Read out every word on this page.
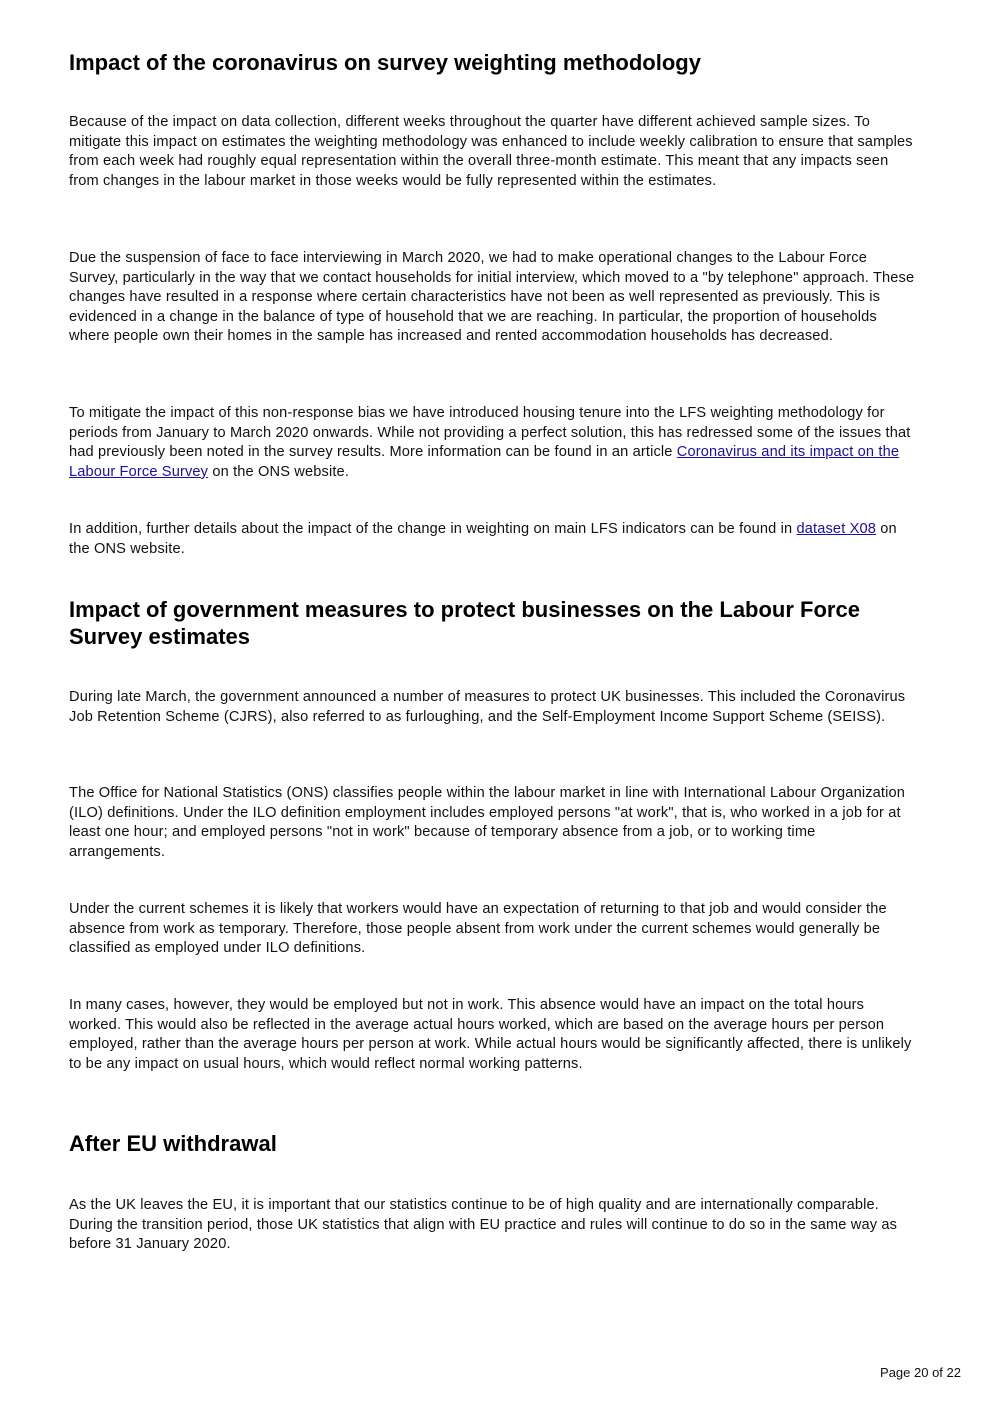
Impact of the coronavirus on survey weighting methodology

Because of the impact on data collection, different weeks throughout the quarter have different achieved sample sizes. To mitigate this impact on estimates the weighting methodology was enhanced to include weekly calibration to ensure that samples from each week had roughly equal representation within the overall three-month estimate. This meant that any impacts seen from changes in the labour market in those weeks would be fully represented within the estimates.

Due the suspension of face to face interviewing in March 2020, we had to make operational changes to the Labour Force Survey, particularly in the way that we contact households for initial interview, which moved to a "by telephone" approach. These changes have resulted in a response where certain characteristics have not been as well represented as previously. This is evidenced in a change in the balance of type of household that we are reaching. In particular, the proportion of households where people own their homes in the sample has increased and rented accommodation households has decreased.

To mitigate the impact of this non-response bias we have introduced housing tenure into the LFS weighting methodology for periods from January to March 2020 onwards. While not providing a perfect solution, this has redressed some of the issues that had previously been noted in the survey results. More information can be found in an article Coronavirus and its impact on the Labour Force Survey on the ONS website.

In addition, further details about the impact of the change in weighting on main LFS indicators can be found in dataset X08 on the ONS website.

Impact of government measures to protect businesses on the Labour Force Survey estimates

During late March, the government announced a number of measures to protect UK businesses. This included the Coronavirus Job Retention Scheme (CJRS), also referred to as furloughing, and the Self-Employment Income Support Scheme (SEISS).

The Office for National Statistics (ONS) classifies people within the labour market in line with International Labour Organization (ILO) definitions. Under the ILO definition employment includes employed persons "at work", that is, who worked in a job for at least one hour; and employed persons "not in work" because of temporary absence from a job, or to working time arrangements.

Under the current schemes it is likely that workers would have an expectation of returning to that job and would consider the absence from work as temporary. Therefore, those people absent from work under the current schemes would generally be classified as employed under ILO definitions.

In many cases, however, they would be employed but not in work. This absence would have an impact on the total hours worked. This would also be reflected in the average actual hours worked, which are based on the average hours per person employed, rather than the average hours per person at work. While actual hours would be significantly affected, there is unlikely to be any impact on usual hours, which would reflect normal working patterns.

After EU withdrawal

As the UK leaves the EU, it is important that our statistics continue to be of high quality and are internationally comparable. During the transition period, those UK statistics that align with EU practice and rules will continue to do so in the same way as before 31 January 2020.

Page 20 of 22
